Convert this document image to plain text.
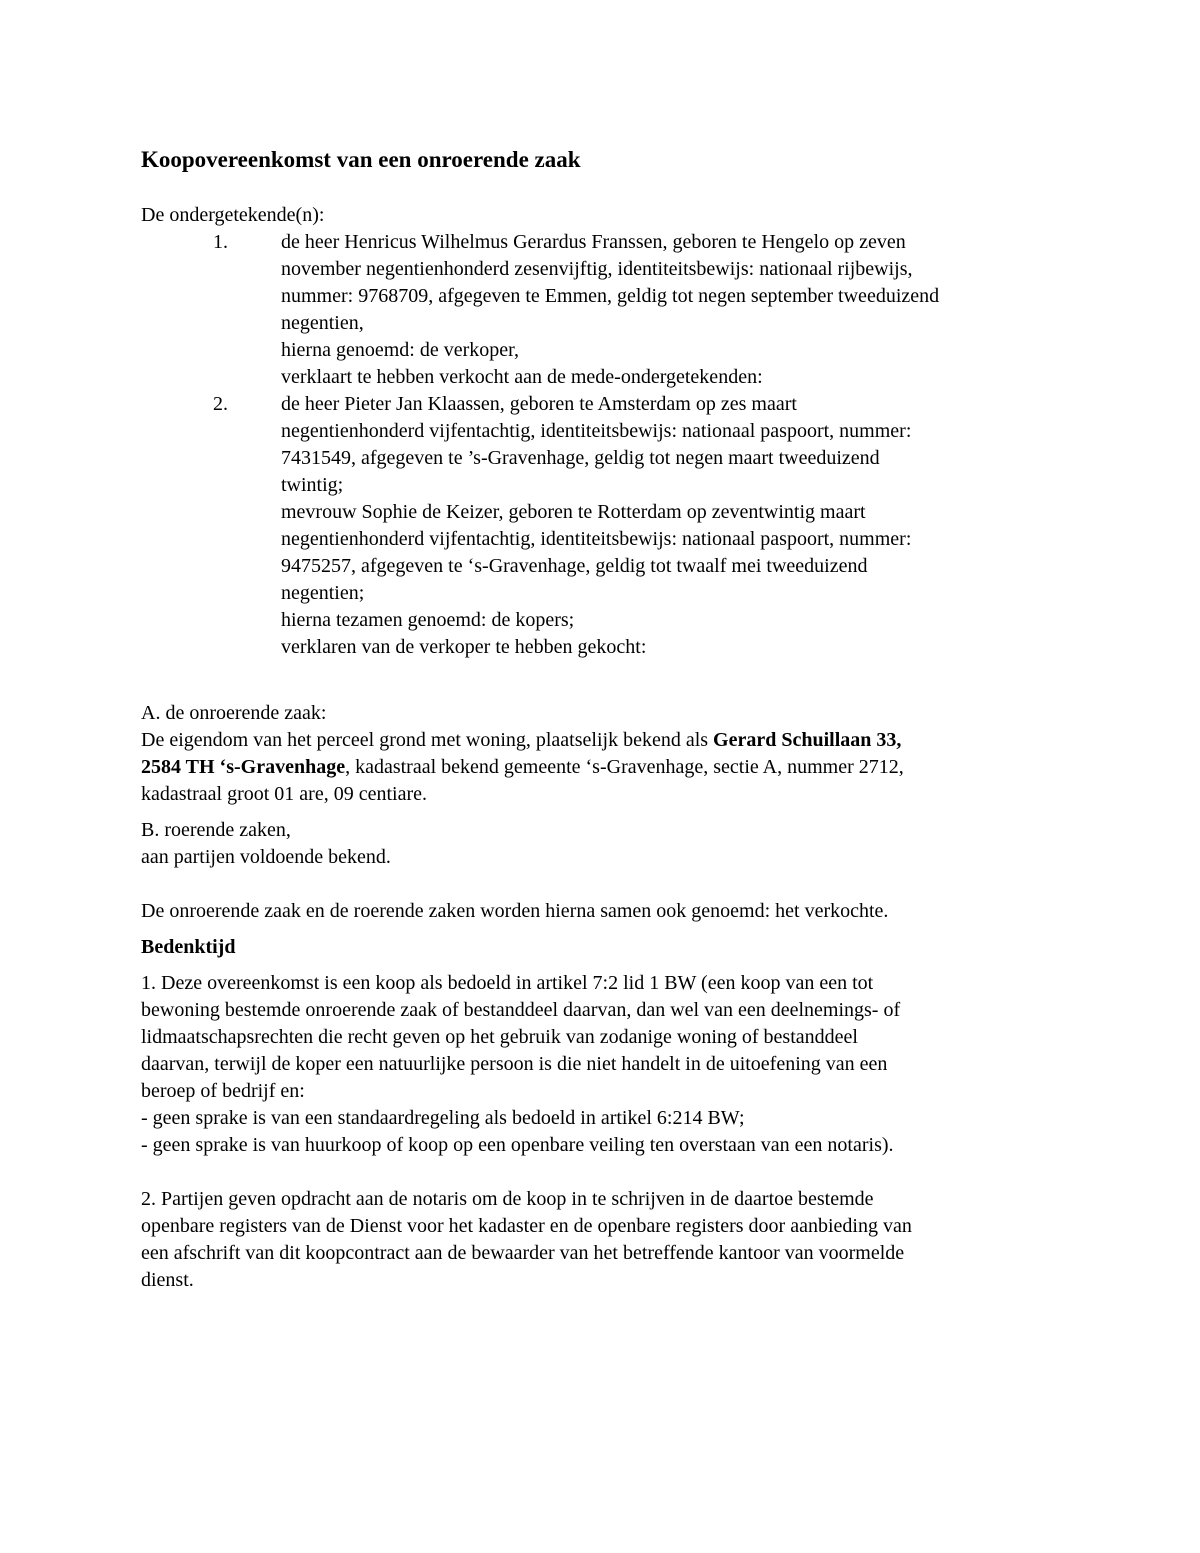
Koopovereenkomst van een onroerende zaak
De ondergetekende(n):
1.	de heer Henricus Wilhelmus Gerardus Franssen, geboren te Hengelo op zeven
november negentienhonderd zesenvijftig, identiteitsbewijs: nationaal rijbewijs,
nummer: 9768709, afgegeven te Emmen, geldig tot negen september tweeduizend
negentien,
hierna genoemd: de verkoper,
verklaart te hebben verkocht aan de mede-ondergetekenden:
2.	de heer Pieter Jan Klaassen, geboren te Amsterdam op zes maart
negentienhonderd vijfentachtig, identiteitsbewijs: nationaal paspoort, nummer:
7431549, afgegeven te ’s-Gravenhage, geldig tot negen maart tweeduizend
twintig;
mevrouw Sophie de Keizer, geboren te Rotterdam op zeventwintig maart
negentienhonderd vijfentachtig, identiteitsbewijs: nationaal paspoort, nummer:
9475257, afgegeven te ‘s-Gravenhage, geldig tot twaalf mei tweeduizend
negentien;
hierna tezamen genoemd: de kopers;
verklaren van de verkoper te hebben gekocht:
A. de onroerende zaak:
De eigendom van het perceel grond met woning, plaatselijk bekend als Gerard Schuillaan 33,
2584 TH ‘s-Gravenhage, kadastraal bekend gemeente ‘s-Gravenhage, sectie A, nummer 2712,
kadastraal groot 01 are, 09 centiare.
B. roerende zaken,
aan partijen voldoende bekend.
De onroerende zaak en de roerende zaken worden hierna samen ook genoemd: het verkochte.
Bedenktijd
1. Deze overeenkomst is een koop als bedoeld in artikel 7:2 lid 1 BW (een koop van een tot
bewoning bestemde onroerende zaak of bestanddeel daarvan, dan wel van een deelnemings- of
lidmaatschapsrechten die recht geven op het gebruik van zodanige woning of bestanddeel
daarvan, terwijl de koper een natuurlijke persoon is die niet handelt in de uitoefening van een
beroep of bedrijf en:
- geen sprake is van een standaardregeling als bedoeld in artikel 6:214 BW;
- geen sprake is van huurkoop of koop op een openbare veiling ten overstaan van een notaris).
2. Partijen geven opdracht aan de notaris om de koop in te schrijven in de daartoe bestemde
openbare registers van de Dienst voor het kadaster en de openbare registers door aanbieding van
een afschrift van dit koopcontract aan de bewaarder van het betreffende kantoor van voormelde
dienst.
